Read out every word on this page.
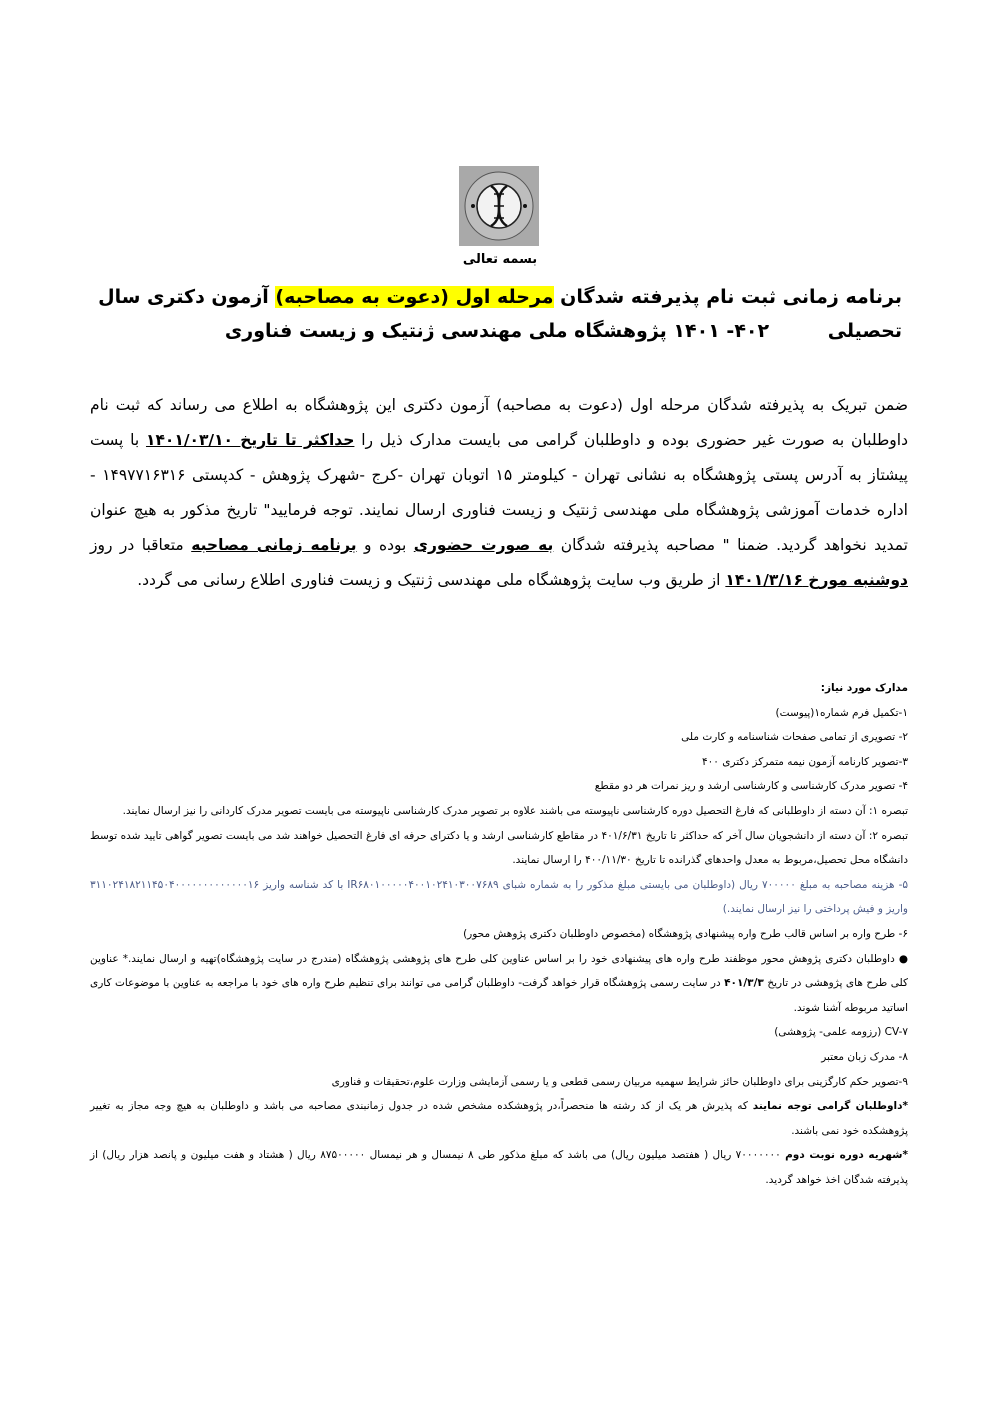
بسمه تعالی
برنامه زمانی ثبت نام پذیرفته شدگان مرحله اول (دعوت به مصاحبه) آزمون دکتری سال تحصیلی
۴۰۲- ۱۴۰۱ پژوهشگاه ملی مهندسی ژنتیک و زیست فناوری
ضمن تبریک به پذیرفته شدگان مرحله اول (دعوت به مصاحبه) آزمون دکتری این پژوهشگاه به اطلاع می رساند که ثبت نام داوطلبان به صورت غیر حضوری بوده و داوطلبان گرامی می بایست مدارک ذیل را حداکثر تا تاریخ ۱۴۰۱/۰۳/۱۰ با پست پیشتاز به آدرس پستی پژوهشگاه به نشانی تهران - کیلومتر ۱۵ اتوبان تهران -کرج -شهرک پژوهش - کدپستی ۱۴۹۷۷۱۶۳۱۶ - اداره خدمات آموزشی پژوهشگاه ملی مهندسی ژنتیک و زیست فناوری ارسال نمایند. توجه فرمایید" تاریخ مذکور به هیچ عنوان تمدید نخواهد گردید. ضمنا " مصاحبه پذیرفته شدگان به صورت حضوری بوده و برنامه زمانی مصاحبه متعاقبا در روز دوشنبه مورخ ۱۴۰۱/۳/۱۶ از طریق وب سایت پژوهشگاه ملی مهندسی ژنتیک و زیست فناوری اطلاع رسانی می گردد.
مدارک مورد نیاز:
۱-تکمیل فرم شماره۱(پیوست)
۲- تصویری از تمامی صفحات شناسنامه و کارت ملی
۳-تصویر کارنامه آزمون نیمه متمرکز دکتری ۴۰۰
۴- تصویر مدرک کارشناسی و کارشناسی ارشد و ریز نمرات هر دو مقطع
تبصره ۱: آن دسته از داوطلبانی که فارغ التحصیل دوره کارشناسی ناپیوسته می باشند علاوه بر تصویر مدرک کارشناسی ناپیوسته می بایست تصویر مدرک کاردانی را نیز ارسال نمایند.
تبصره ۲: آن دسته از دانشجویان سال آخر که حداکثر تا تاریخ ۴۰۱/۶/۳۱ در مقاطع کارشناسی ارشد و یا دکترای حرفه ای فارغ التحصیل خواهند شد می بایست تصویر گواهی تایید شده توسط دانشگاه محل تحصیل،مربوط به معدل واحدهای گذرانده تا تاریخ ۴۰۰/۱۱/۳۰ را ارسال نمایند.
۵- هزینه مصاحبه به مبلغ ۷۰۰۰۰۰ ریال (داوطلبان می بایستی مبلغ مذکور را به شماره شبای IR۶۸۰۱۰۰۰۰۰۴۰۰۱۰۲۴۱۰۳۰۰۷۶۸۹ با کد شناسه واریز ۳۱۱۰۲۴۱۸۲۱۱۴۵۰۴۰۰۰۰۰۰۰۰۰۰۰۰۰۱۶ واریز و فیش پرداختی را نیز ارسال نمایند.)
۶- طرح واره بر اساس قالب طرح واره پیشنهادی پژوهشگاه (مخصوص داوطلبان دکتری پژوهش محور)
● داوطلبان دکتری پژوهش محور موظفند طرح واره های پیشنهادی خود را بر اساس عناوین کلی طرح های پژوهشی پژوهشگاه (مندرج در سایت پژوهشگاه)تهیه و ارسال نمایند.* عناوین کلی طرح های پژوهشی در تاریخ ۴۰۱/۳/۳ در سایت رسمی پژوهشگاه قرار خواهد گرفت- داوطلبان گرامی می توانند برای تنظیم طرح واره های خود با مراجعه به عناوین با موضوعات کاری اساتید مربوطه آشنا شوند.
CV-۷ (رزومه علمی- پژوهشی)
۸- مدرک زبان معتبر
۹-تصویر حکم کارگزینی برای داوطلبان حائز شرایط سهمیه مربیان رسمی قطعی و یا رسمی آزمایشی وزارت علوم،تحقیقات و فناوری
*داوطلبان گرامی توجه نمایند که پذیرش هر یک از کد رشته ها منحصراً،در پژوهشکده مشخص شده در جدول زمانبندی مصاحبه می باشد و داوطلبان به هیچ وجه مجاز به تغییر پژوهشکده خود نمی باشند.
*شهریه دوره نوبت دوم ۷۰۰۰۰۰۰۰ ریال ( هفتصد میلیون ریال) می باشد که مبلغ مذکور طی ۸ نیمسال و هر نیمسال ۸۷۵۰۰۰۰۰ ریال ( هشتاد و هفت میلیون و پانصد هزار ریال) از پذیرفته شدگان اخذ خواهد گردید.
